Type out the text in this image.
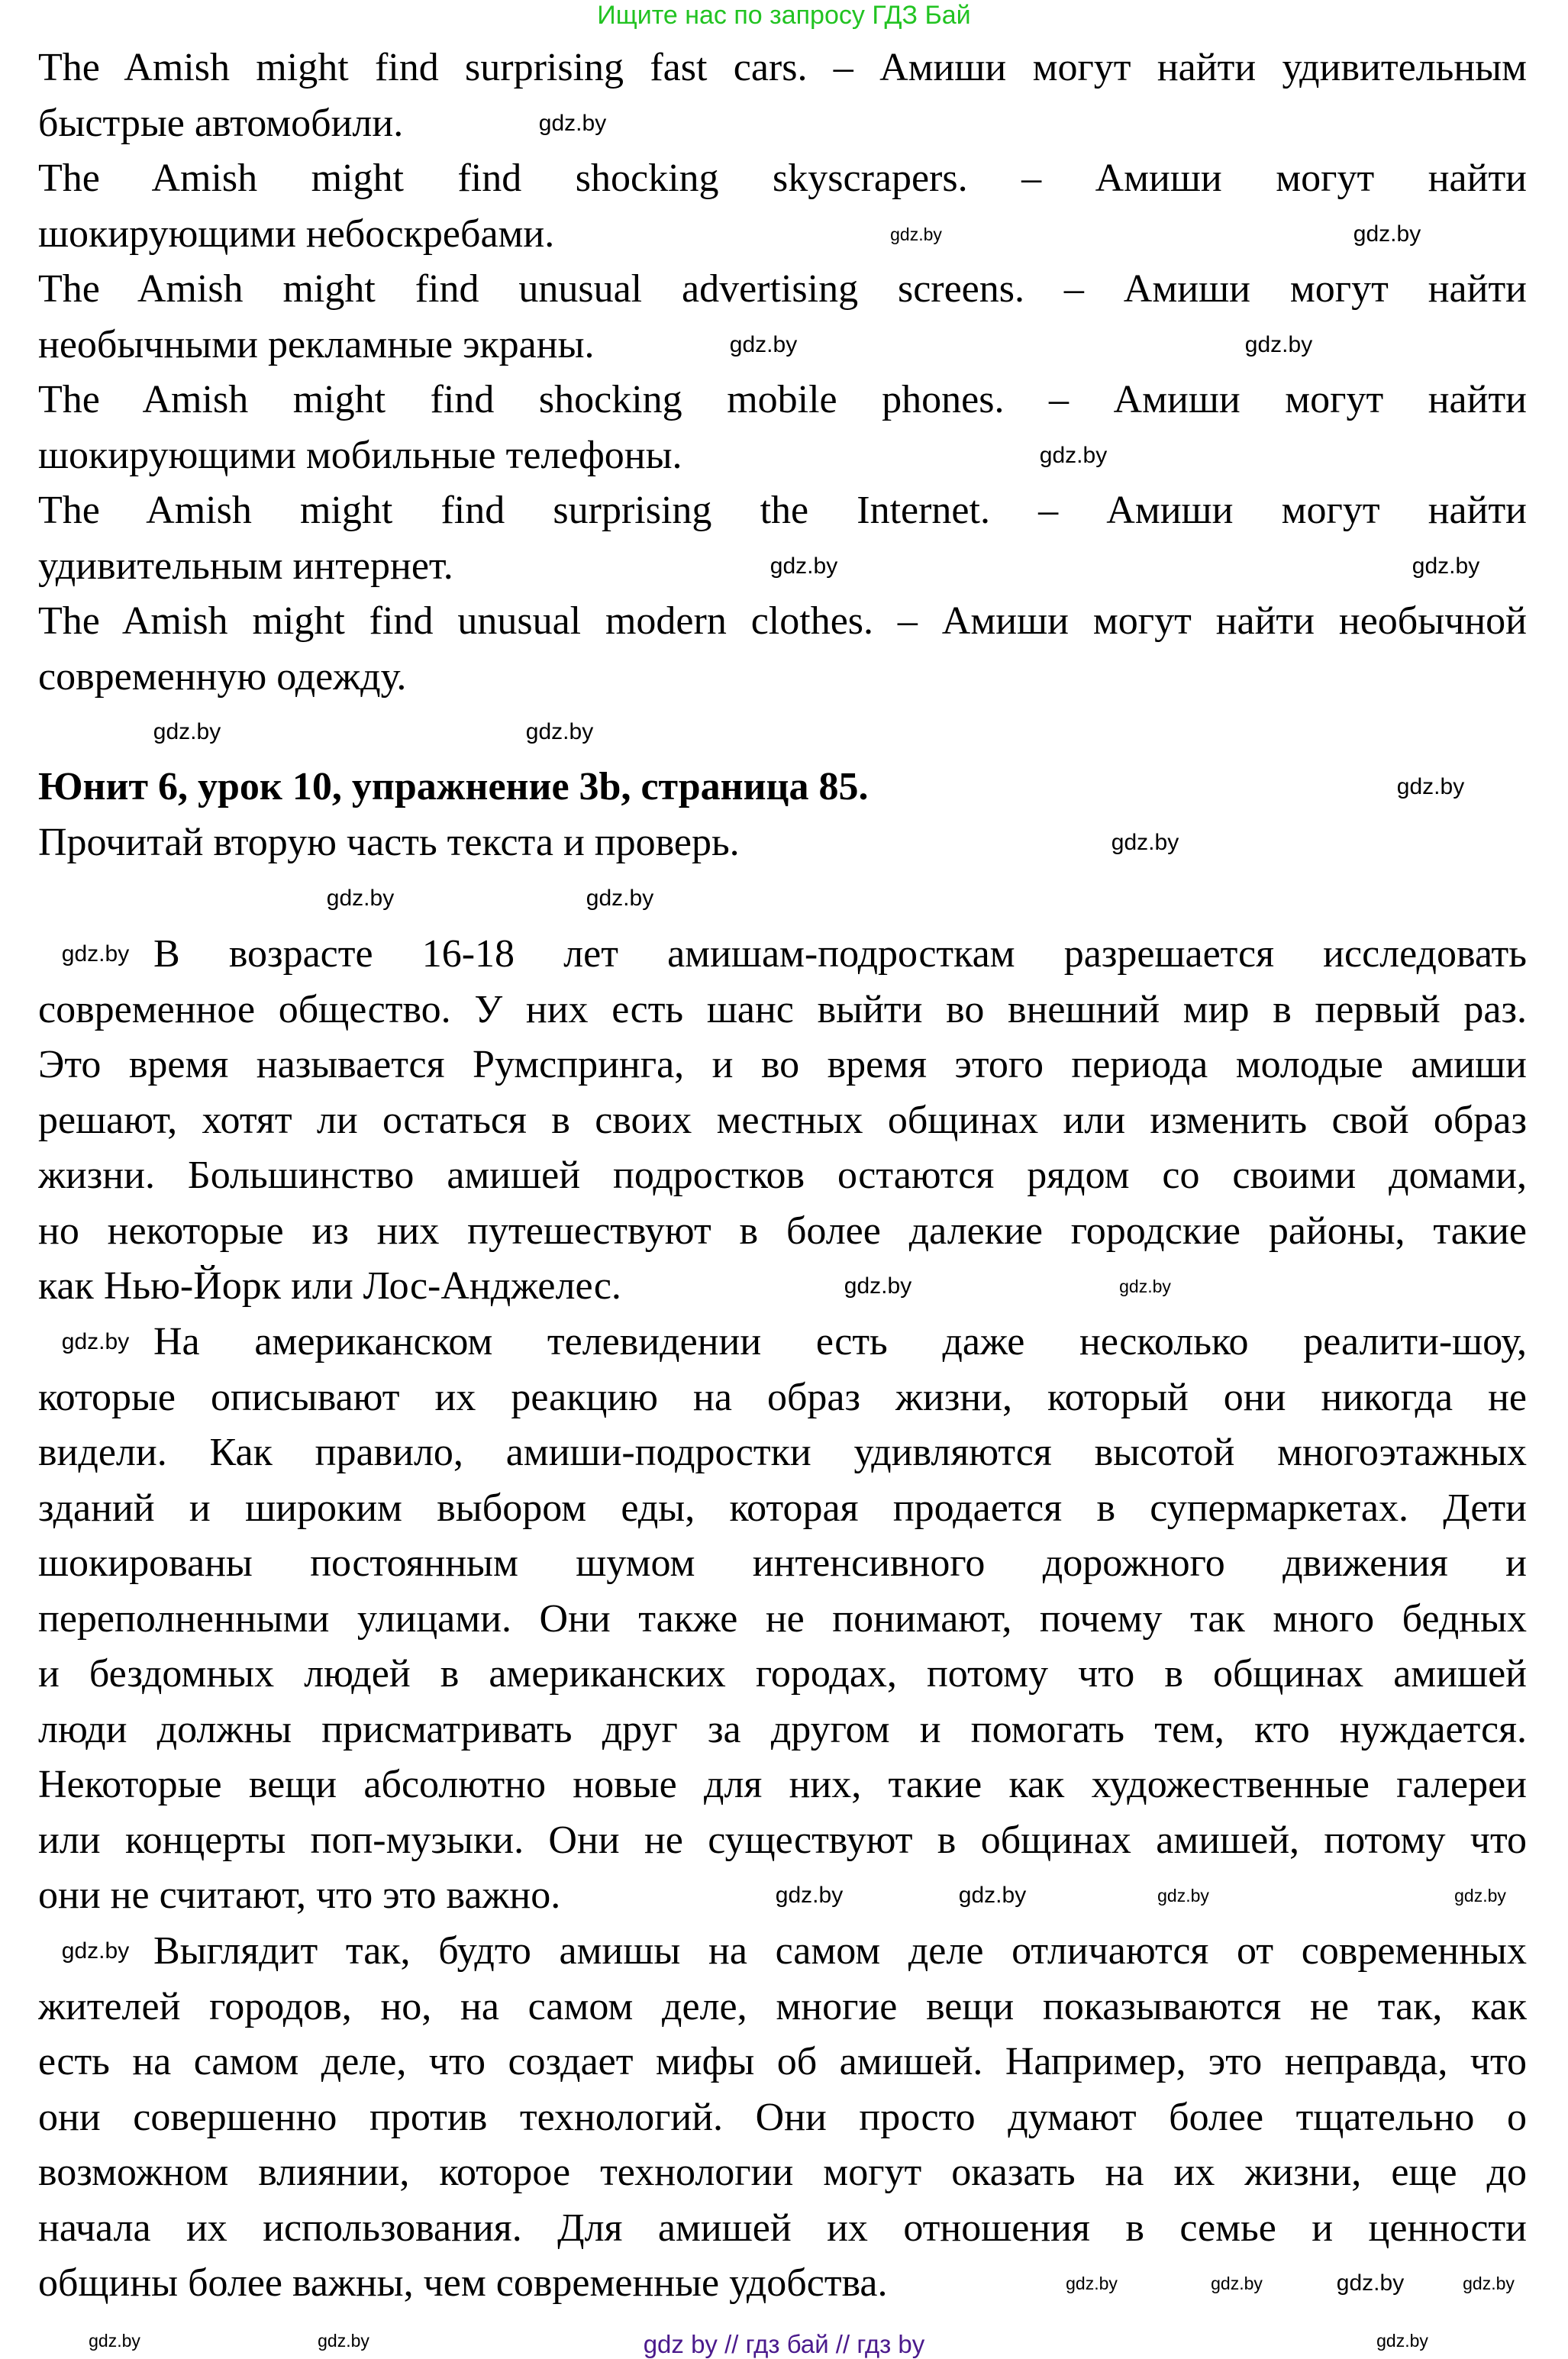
Ищите нас по запросу ГДЗ Бай
The Amish might find surprising fast cars. – Амиши могут найти удивительным
быстрые автомобили.
The Amish might find shocking skyscrapers. – Амиши могут найти
шокирующими небоскребами.
The Amish might find unusual advertising screens. – Амиши могут найти
необычными рекламные экраны.
The Amish might find shocking mobile phones. – Амиши могут найти
шокирующими мобильные телефоны.
The Amish might find surprising the Internet. – Амиши могут найти
удивительным интернет.
The Amish might find unusual modern clothes. – Амиши могут найти необычной
современную одежду.
Юнит 6, урок 10, упражнение 3b, страница 85.
Прочитай вторую часть текста и проверь.
В возрасте 16-18 лет амишам-подросткам разрешается исследовать
современное общество. У них есть шанс выйти во внешний мир в первый раз.
Это время называется Румспринга, и во время этого периода молодые амиши
решают, хотят ли остаться в своих местных общинах или изменить свой образ
жизни. Большинство амишей подростков остаются рядом со своими домами,
но некоторые из них путешествуют в более далекие городские районы, такие
как Нью-Йорк или Лос-Анджелес.
На американском телевидении есть даже несколько реалити-шоу,
которые описывают их реакцию на образ жизни, который они никогда не
видели. Как правило, амиши-подростки удивляются высотой многоэтажных
зданий и широким выбором еды, которая продается в супермаркетах. Дети
шокированы постоянным шумом интенсивного дорожного движения и
переполненными улицами. Они также не понимают, почему так много бедных
и бездомных людей в американских городах, потому что в общинах амишей
люди должны присматривать друг за другом и помогать тем, кто нуждается.
Некоторые вещи абсолютно новые для них, такие как художественные галереи
или концерты поп-музыки. Они не существуют в общинах амишей, потому что
они не считают, что это важно.
Выглядит так, будто амишы на самом деле отличаются от современных
жителей городов, но, на самом деле, многие вещи показываются не так, как
есть на самом деле, что создает мифы об амишей. Например, это неправда, что
они совершенно против технологий. Они просто думают более тщательно о
возможном влиянии, которое технологии могут оказать на их жизни, еще до
начала их использования. Для амишей их отношения в семье и ценности
общины более важны, чем современные удобства.
gdz.by
gdz.by
gdz.by
gdz.by	gdz.by
gdz.by
gdz.by	gdz.by
gdz.by	gdz.by
gdz.by
gdz.by
gdz.by
gdz.by
gdz.by
gdz.by
gdz.by
gdz.by
gdz.by
gdz.by
gdz.by
gdz.by
gdz.by
gdz.by
gdz.by
gdz.by
gdz.by
gdz.by
gdz.by
gdz.by
gdz by // гдз бай // гдз by
